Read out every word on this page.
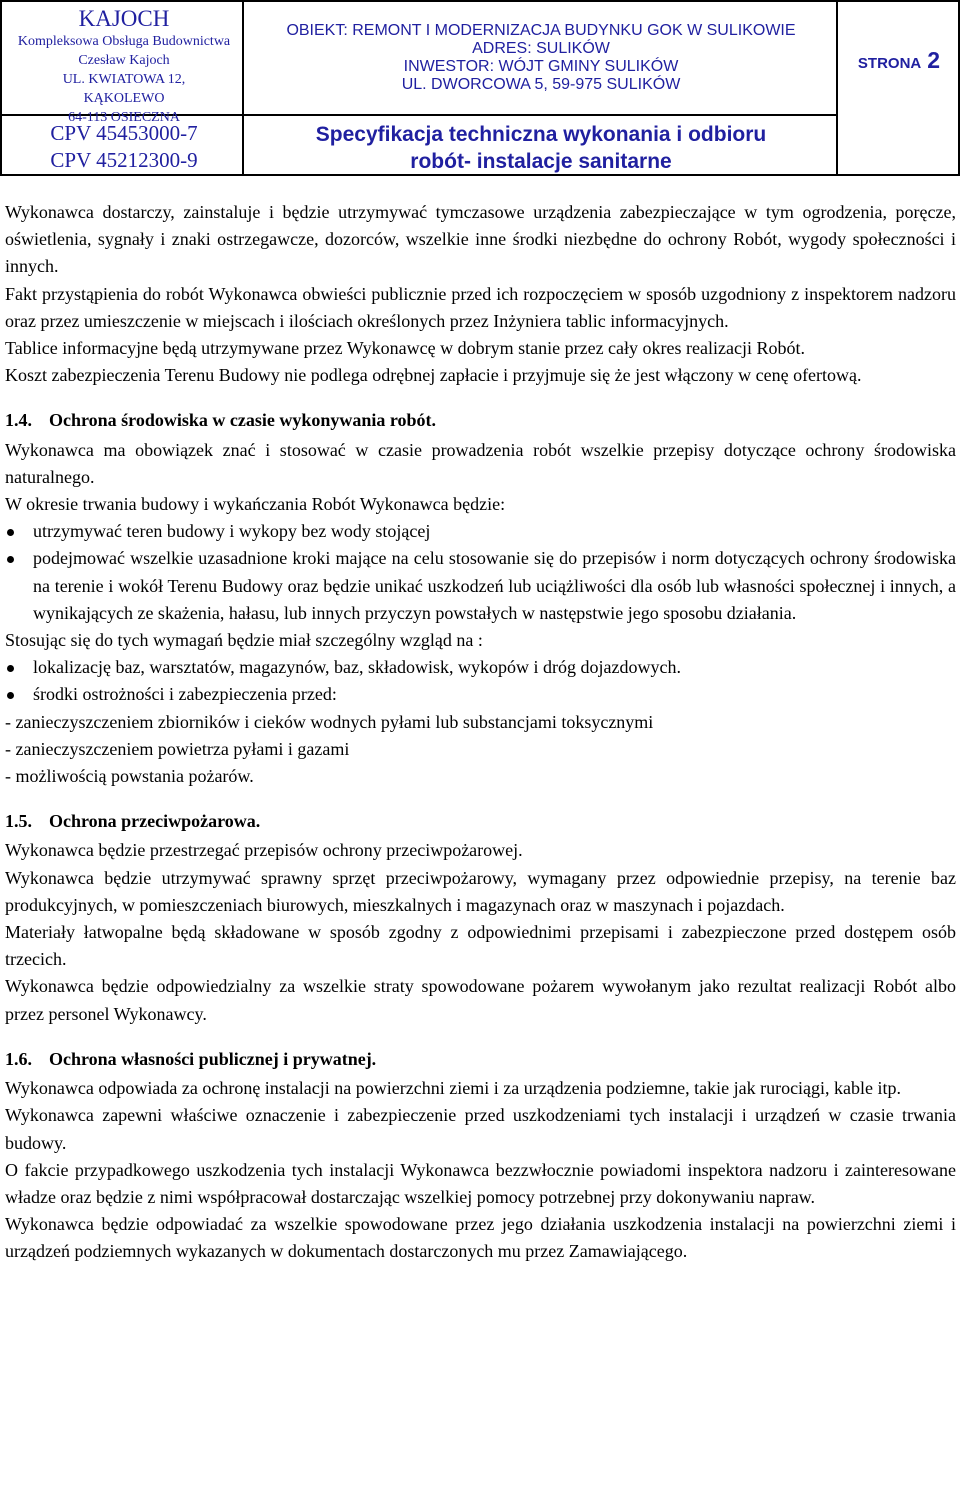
KAJOCH
Kompleksowa Obsługa Budownictwa
Czesław Kajoch
UL. KWIATOWA 12,
KĄKOLEWO
64-113 OSIECZNA
CPV 45453000-7
CPV 45212300-9
OBIEKT: REMONT I MODERNIZACJA BUDYNKU GOK W SULIKOWIE
ADRES: SULIKÓW
INWESTOR: WÓJT GMINY SULIKÓW
UL. DWORCOWA 5, 59-975 SULIKÓW
Specyfikacja techniczna wykonania i odbioru
robót- instalacje sanitarne
STRONA 2

Wykonawca dostarczy, zainstaluje i będzie utrzymywać tymczasowe urządzenia zabezpieczające w tym ogrodzenia, poręcze, oświetlenia, sygnały i znaki ostrzegawcze, dozorców, wszelkie inne środki niezbędne do ochrony Robót, wygody społeczności i innych.

Fakt przystąpienia do robót Wykonawca obwieści publicznie przed ich rozpoczęciem w sposób uzgodniony z inspektorem nadzoru oraz przez umieszczenie w miejscach i ilościach określonych przez Inżyniera tablic informacyjnych.

Tablice informacyjne będą utrzymywane przez Wykonawcę w dobrym stanie przez cały okres realizacji Robót.

Koszt zabezpieczenia Terenu Budowy nie podlega odrębnej zapłacie i przyjmuje się że jest włączony w cenę ofertową.

1.4. Ochrona środowiska w czasie wykonywania robót.

Wykonawca ma obowiązek znać i stosować w czasie prowadzenia robót wszelkie przepisy dotyczące ochrony środowiska naturalnego.

W okresie trwania budowy i wykańczania Robót Wykonawca będzie:

utrzymywać teren budowy i wykopy bez wody stojącej
podejmować wszelkie uzasadnione kroki mające na celu stosowanie się do przepisów i norm dotyczących ochrony środowiska na terenie i wokół Terenu Budowy oraz będzie unikać uszkodzeń lub uciążliwości dla osób lub własności społecznej i innych, a wynikających ze skażenia, hałasu, lub innych przyczyn powstałych w następstwie jego sposobu działania.

Stosując się do tych wymagań będzie miał szczególny wzgląd na :

lokalizację baz, warsztatów, magazynów, baz, składowisk, wykopów i dróg dojazdowych.
środki ostrożności i zabezpieczenia przed:

- zanieczyszczeniem zbiorników i cieków wodnych pyłami lub substancjami toksycznymi

- zanieczyszczeniem powietrza pyłami i gazami

- możliwością powstania pożarów.

1.5. Ochrona przeciwpożarowa.

Wykonawca będzie przestrzegać przepisów ochrony przeciwpożarowej.

Wykonawca będzie utrzymywać sprawny sprzęt przeciwpożarowy, wymagany przez odpowiednie przepisy, na terenie baz produkcyjnych, w pomieszczeniach biurowych, mieszkalnych i magazynach oraz w maszynach i pojazdach.

Materiały łatwopalne będą składowane w sposób zgodny z odpowiednimi przepisami i zabezpieczone przed dostępem osób trzecich.

Wykonawca będzie odpowiedzialny za wszelkie straty spowodowane pożarem wywołanym jako rezultat realizacji Robót albo przez personel Wykonawcy.

1.6. Ochrona własności publicznej i prywatnej.

Wykonawca odpowiada za ochronę instalacji na powierzchni ziemi i za urządzenia podziemne, takie jak rurociągi, kable itp.

Wykonawca zapewni właściwe oznaczenie i zabezpieczenie przed uszkodzeniami tych instalacji i urządzeń w czasie trwania budowy.

O fakcie przypadkowego uszkodzenia tych instalacji Wykonawca bezzwłocznie powiadomi inspektora nadzoru i zainteresowane władze oraz będzie z nimi współpracował dostarczając wszelkiej pomocy potrzebnej przy dokonywaniu napraw.

Wykonawca będzie odpowiadać za wszelkie spowodowane przez jego działania uszkodzenia instalacji na powierzchni ziemi i urządzeń podziemnych wykazanych w dokumentach dostarczonych mu przez Zamawiającego.
